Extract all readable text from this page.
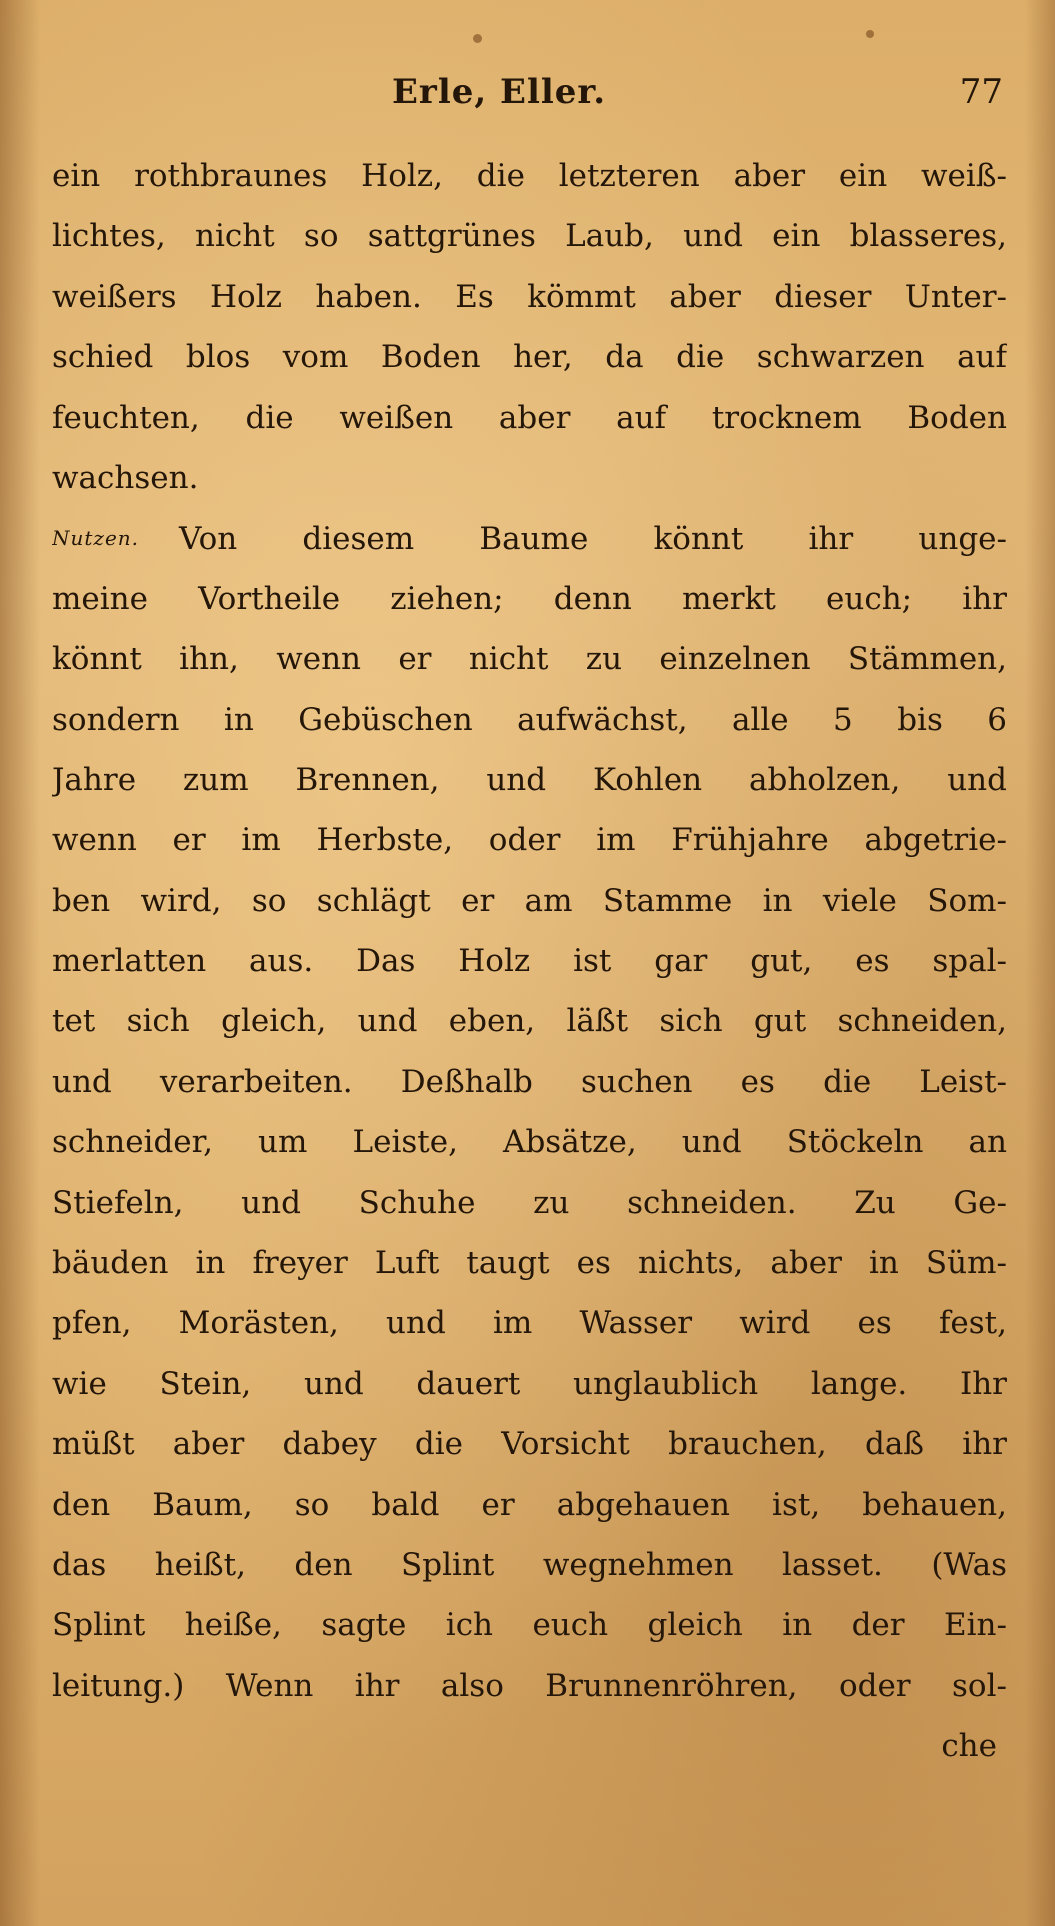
Erle, Eller.	77
ein rothbraunes Holz, die letzteren aber ein weiß-
lichtes, nicht so sattgrünes Laub, und ein blasseres,
weißers Holz haben. Es kömmt aber dieser Unter-
schied blos vom Boden her, da die schwarzen auf
feuchten, die weißen aber auf trocknem Boden
wachsen.
Nutzen. Von diesem Baume könnt ihr unge-
meine Vortheile ziehen; denn merkt euch; ihr
könnt ihn, wenn er nicht zu einzelnen Stämmen,
sondern in Gebüschen aufwächst, alle 5 bis 6
Jahre zum Brennen, und Kohlen abholzen, und
wenn er im Herbste, oder im Frühjahre abgetrie-
ben wird, so schlägt er am Stamme in viele Som-
merlatten aus. Das Holz ist gar gut, es spal-
tet sich gleich, und eben, läßt sich gut schneiden,
und verarbeiten. Deßhalb suchen es die Leist-
schneider, um Leiste, Absätze, und Stöckeln an
Stiefeln, und Schuhe zu schneiden. Zu Ge-
bäuden in freyer Luft taugt es nichts, aber in Süm-
pfen, Morästen, und im Wasser wird es fest,
wie Stein, und dauert unglaublich lange. Ihr
müßt aber dabey die Vorsicht brauchen, daß ihr
den Baum, so bald er abgehauen ist, behauen,
das heißt, den Splint wegnehmen lasset. (Was
Splint heiße, sagte ich euch gleich in der Ein-
leitung.) Wenn ihr also Brunnenröhren, oder sol-
che
